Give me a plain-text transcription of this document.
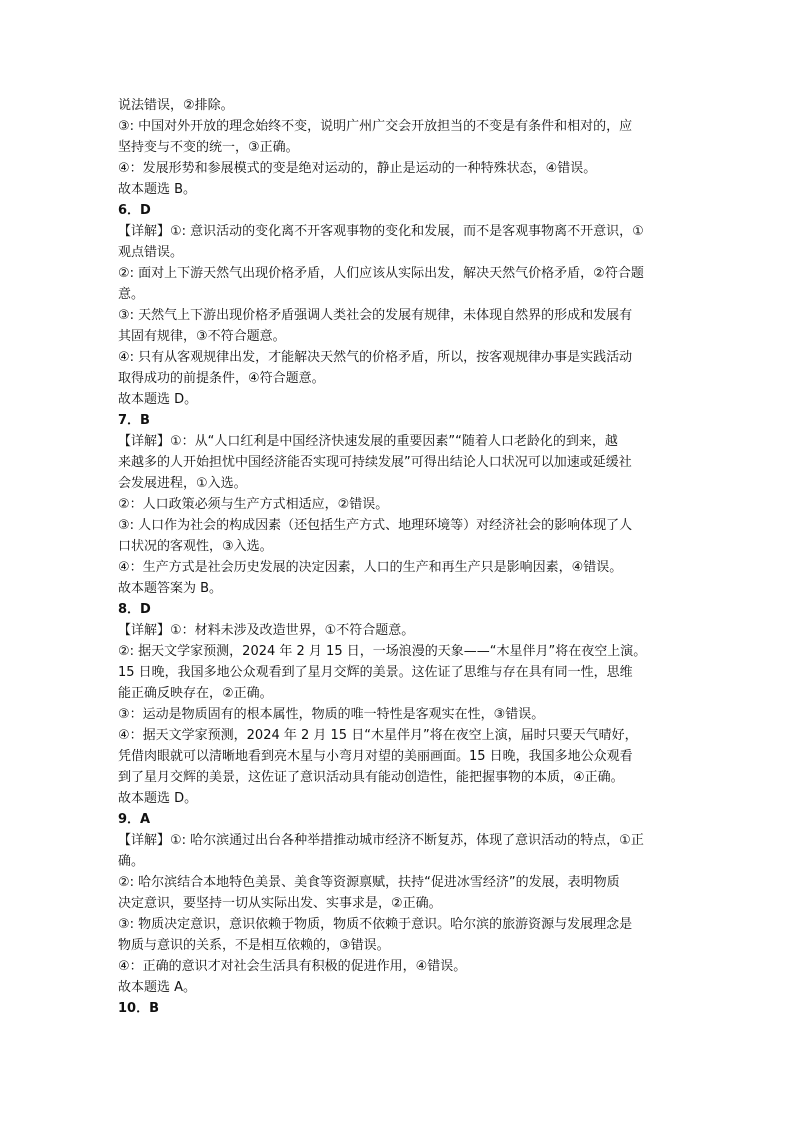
说法错误，②排除。
③: 中国对外开放的理念始终不变，说明广州广交会开放担当的不变是有条件和相对的，应
坚持变与不变的统一，③正确。
④：发展形势和参展模式的变是绝对运动的，静止是运动的一种特殊状态，④错误。
故本题选 B。
6．D
【详解】①: 意识活动的变化离不开客观事物的变化和发展，而不是客观事物离不开意识，①
观点错误。
②: 面对上下游天然气出现价格矛盾，人们应该从实际出发，解决天然气价格矛盾，②符合题
意。
③: 天然气上下游出现价格矛盾强调人类社会的发展有规律，未体现自然界的形成和发展有
其固有规律，③不符合题意。
④: 只有从客观规律出发，才能解决天然气的价格矛盾，所以，按客观规律办事是实践活动
取得成功的前提条件，④符合题意。
故本题选 D。
7．B
【详解】①：从“人口红利是中国经济快速发展的重要因素”“随着人口老龄化的到来，越
来越多的人开始担忧中国经济能否实现可持续发展”可得出结论人口状况可以加速或延缓社
会发展进程，①入选。
②：人口政策必须与生产方式相适应，②错误。
③: 人口作为社会的构成因素（还包括生产方式、地理环境等）对经济社会的影响体现了人
口状况的客观性，③入选。
④：生产方式是社会历史发展的决定因素，人口的生产和再生产只是影响因素，④错误。
故本题答案为 B。
8．D
【详解】①：材料未涉及改造世界，①不符合题意。
②: 据天文学家预测，2024 年 2 月 15 日，一场浪漫的天象——“木星伴月”将在夜空上演。
15 日晚，我国多地公众观看到了星月交辉的美景。这佐证了思维与存在具有同一性，思维
能正确反映存在，②正确。
③：运动是物质固有的根本属性，物质的唯一特性是客观实在性，③错误。
④：据天文学家预测，2024 年 2 月 15 日“木星伴月”将在夜空上演，届时只要天气晴好，
凭借肉眼就可以清晰地看到亮木星与小弯月对望的美丽画面。15 日晚，我国多地公众观看
到了星月交辉的美景，这佐证了意识活动具有能动创造性，能把握事物的本质，④正确。
故本题选 D。
9．A
【详解】①: 哈尔滨通过出台各种举措推动城市经济不断复苏，体现了意识活动的特点，①正
确。
②: 哈尔滨结合本地特色美景、美食等资源禀赋，扶持“促进冰雪经济”的发展，表明物质
决定意识，要坚持一切从实际出发、实事求是，②正确。
③: 物质决定意识，意识依赖于物质，物质不依赖于意识。哈尔滨的旅游资源与发展理念是
物质与意识的关系，不是相互依赖的，③错误。
④：正确的意识才对社会生活具有积极的促进作用，④错误。
故本题选 A。
10．B
